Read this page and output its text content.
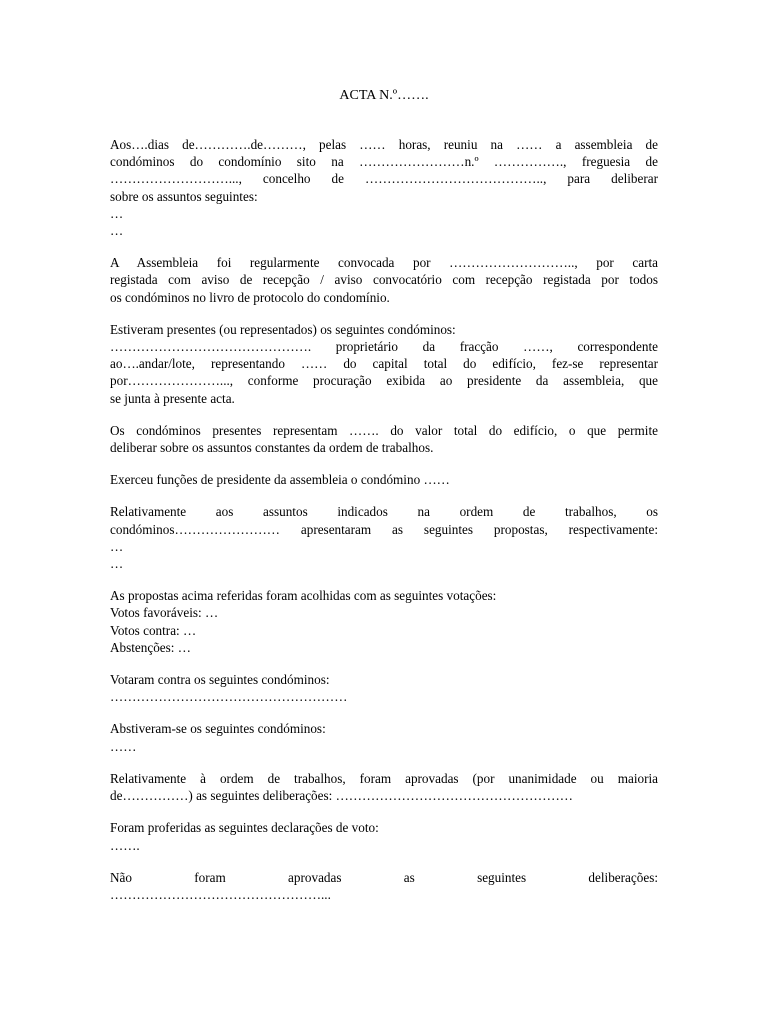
ACTA N.º…….
Aos….dias de………….de………, pelas …… horas, reuniu na …… a assembleia de
condóminos do condomínio sito na ……………………n.º ……………., freguesia de
………………………..., concelho de ………………………………….., para deliberar
sobre os assuntos seguintes:
…
…
A Assembleia foi regularmente convocada por ……………………….., por carta
registada com aviso de recepção / aviso convocatório com recepção registada por todos
os condóminos no livro de protocolo do condomínio.
Estiveram presentes (ou representados) os seguintes condóminos:
………………………………………. proprietário da fracção ……, correspondente
ao….andar/lote, representando …… do capital total do edifício, fez-se representar
por…………………..., conforme procuração exibida ao presidente da assembleia, que
se junta à presente acta.
Os condóminos presentes representam ……. do valor total do edifício, o que permite
deliberar sobre os assuntos constantes da ordem de trabalhos.
Exerceu funções de presidente da assembleia o condómino ……
Relativamente aos assuntos indicados na ordem de trabalhos, os
condóminos…………………… apresentaram as seguintes propostas, respectivamente:
…
…
As propostas acima referidas foram acolhidas com as seguintes votações:
Votos favoráveis: …
Votos contra: …
Abstenções: …
Votaram contra os seguintes condóminos:
………………………………………………
Abstiveram-se os seguintes condóminos:
……
Relativamente à ordem de trabalhos, foram aprovadas (por unanimidade ou maioria
de……………) as seguintes deliberações: ………………………………………………
Foram proferidas as seguintes declarações de voto:
…….
Não foram aprovadas as seguintes deliberações:
…………………………………………...
